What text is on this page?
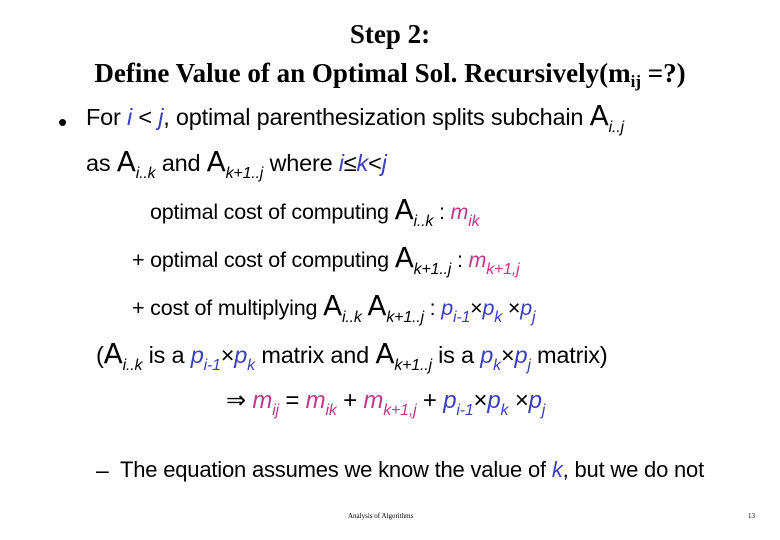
Step 2:
Define Value of an Optimal Sol. $Recursively(m_{ij}$ =?)
• For i < j, optimal parenthesization splits subchain $A_{i..j}$
as $A_{i..k}$ and $A_{k+1..j}$ where i≤k<j
optimal cost of computing $A_{i..k}$ : $m_{ik}$
+ optimal cost of computing $A_{k+1..j}$ : $m_{k+1,j}$
+ cost of multiplying $A_{i..k}$ $A_{k+1..j}$ : $p_{i-1}\times p_k \times p_j$
($A_{i..k}$ is a $p_{i-1}\times p_k$ matrix and $A_{k+1..j}$ is a $p_k\times p_j$ matrix)
⇒ $m_{ij} = m_{ik} + m_{k+1,j} + p_{i-1}\times p_k \times p_j$
– The equation assumes we know the value of k, but we do not
Analysis of Algorithms	13
